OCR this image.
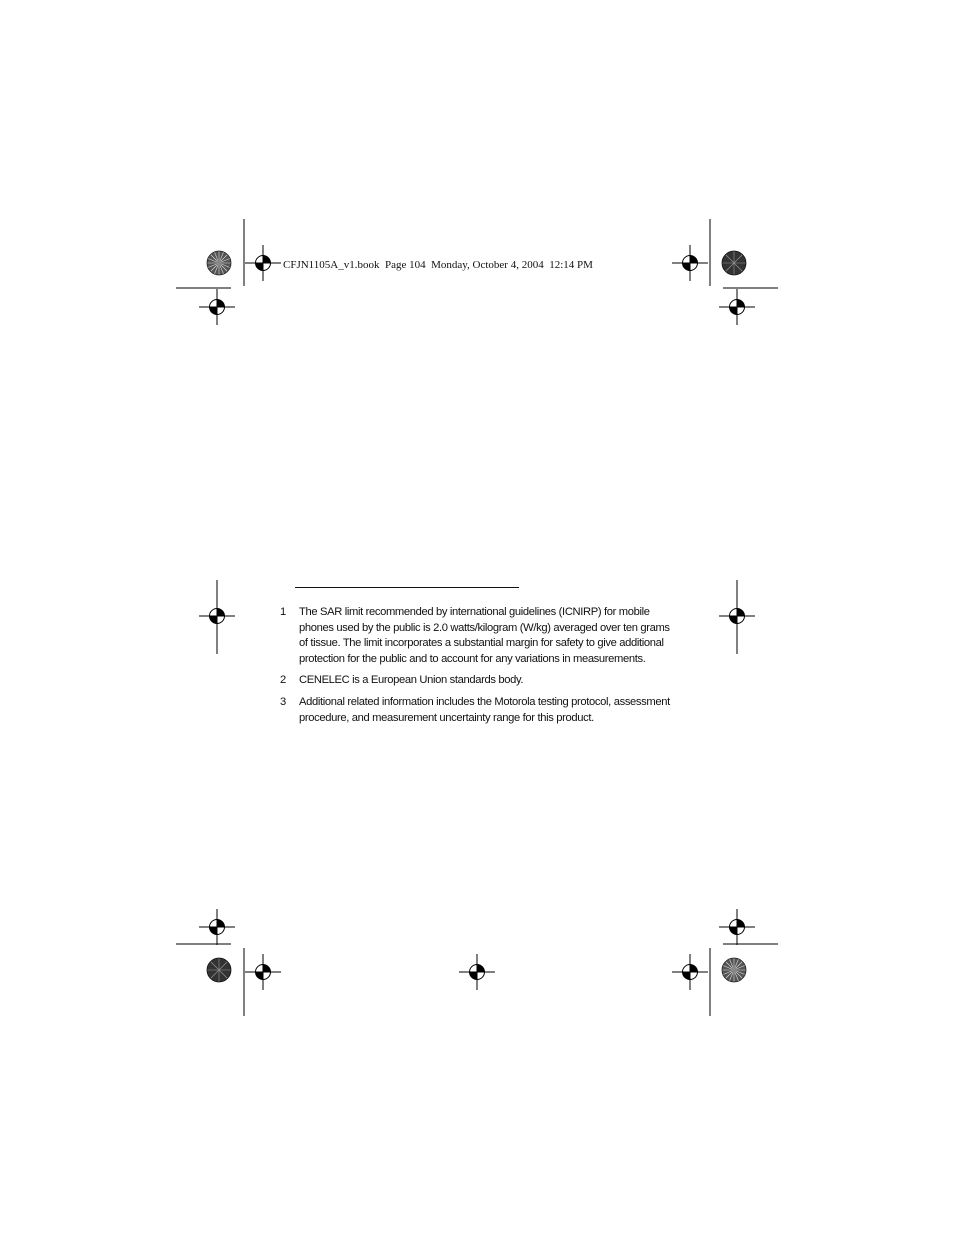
CFJN1105A_v1.book  Page 104  Monday, October 4, 2004  12:14 PM
1	The SAR limit recommended by international guidelines (ICNIRP) for mobile phones used by the public is 2.0 watts/kilogram (W/kg) averaged over ten grams of tissue. The limit incorporates a substantial margin for safety to give additional protection for the public and to account for any variations in measurements.
2	CENELEC is a European Union standards body.
3	Additional related information includes the Motorola testing protocol, assessment procedure, and measurement uncertainty range for this product.
